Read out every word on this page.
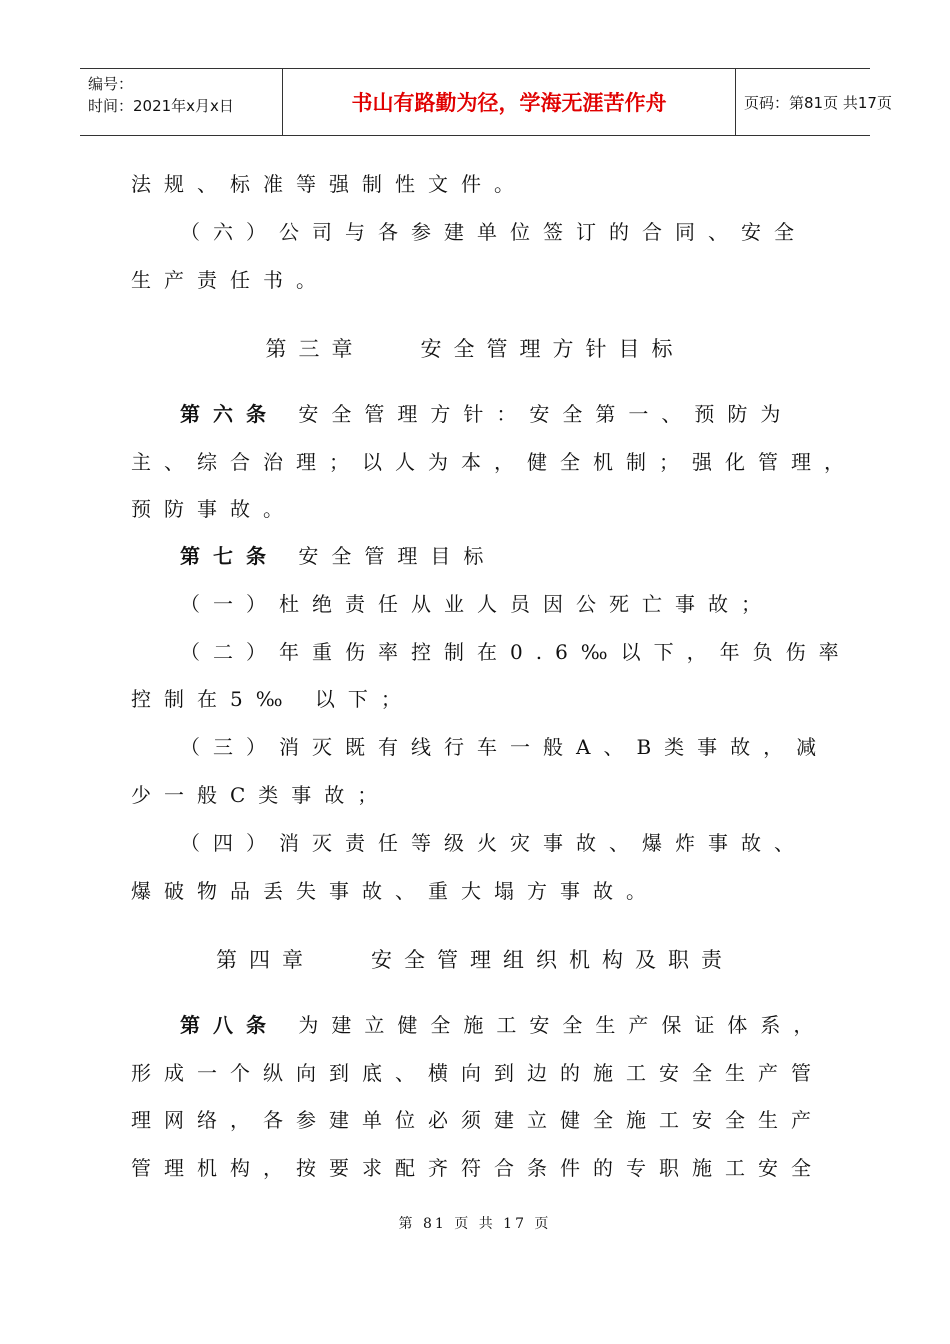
编号：
时间：2021年x月x日	书山有路勤为径，学海无涯苦作舟	页码：第81页 共17页
法规、标准等强制性文件。
（六）公司与各参建单位签订的合同、安全
生产责任书。
第三章   安全管理方针目标
第六条 安全管理方针：安全第一、预防为
主、综合治理；以人为本，健全机制；强化管理，
预防事故。
第七条 安全管理目标
（一）杜绝责任从业人员因公死亡事故；
（二）年重伤率控制在0.6‰以下，年负伤率
控制在5‰ 以下；
（三）消灭既有线行车一般A、B类事故，减
少一般C类事故；
（四）消灭责任等级火灾事故、爆炸事故、
爆破物品丢失事故、重大塌方事故。
第四章   安全管理组织机构及职责
第八条 为建立健全施工安全生产保证体系，
形成一个纵向到底、横向到边的施工安全生产管
理网络，各参建单位必须建立健全施工安全生产
管理机构，按要求配齐符合条件的专职施工安全
第 81 页 共 17 页
